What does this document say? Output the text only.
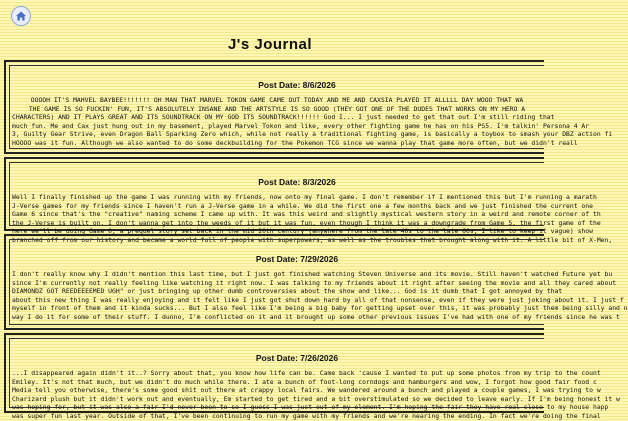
J's Journal
Post Date: 8/6/2026
OOOOH IT'S MAHVEL BAYBEE!!!!!!! OH MAN THAT MARVEL TOKON GAME CAME OUT TODAY AND ME AND CAXSIA PLAYED IT ALLLLL DAY WOOO THAT WA
THE GAME IS SO FUCKIN' FUN, IT'S ABSOLUTELY INSANE AND THE ARTSTYLE IS SO GOOD (THEY GOT ONE OF THE DUDES THAT WORKS ON MY HERO A
CHARACTERS) AND IT PLAYS GREAT AND ITS SOUNDTRACK ON MY GOD ITS SOUNDTRACK!!!!!! God I... I just needed to get that out I'm still riding that
much fun. Me and Cax just hung out in my basement, played Marvel Tokon and like, every other fighting game he has on his PS5. I'm talkin' Persona 4 Ar
3, Guilty Gear Strive, even Dragon Ball Sparking Zero which, while not really a traditional fighting game, is basically a toybox to smash your DBZ action fi
HOOOO was it fun. Although we also wanted to do some deckbuilding for the Pokemon TCG since we wanna play that game more often, but we didn't reall
Post Date: 8/3/2026
Well I finally finished up the game I was running with my friends, now onto my final game. I don't remember if I mentioned this but I'm running a marath
J-Verse games for my friends since I haven't run a J-Verse game in a while. We did the first one a few months back and we just finished the current one
Game 6 since that's the "creative" naming scheme I came up with. It was this weird and slightly mystical western story in a weird and remote corner of th
the J-Verse is built on. I don't wanna get into the weeds of it but it was fun, even though I think it was a downgrade from Game 5, the first game of the
here we'll be doing Game 0, a prequel story set back in the mid 20th century (anywhere from the late 40s to the late 60s, I like to keep it vague) show
branched off from our history and became a world full of people with superpowers, as well as the troubles that brought along with it. A little bit of X-Men,
Post Date: 7/29/2026
I don't really know why I didn't mention this last time, but I just got finished watching Steven Universe and its movie. Still haven't watched Future yet bu
since I'm currently not really feeling like watching it right now. I was talking to my friends about it right after seeing the movie and all they cared about
DIAMONDZ GOT REEDEEEEMED UGH" or just bringing up other dumb controversies about the show and like... God is it dumb that I got annoyed by that
about this new thing I was really enjoying and it felt like I just got shut down hard by all of that nonsense, even if they were just joking about it. I just f
myself in front of them and it kinda sucks... But I also feel like I'm being a big baby for getting upset over this, it was probably just them being silly and n
way I do it for some of their stuff. I dunno, I'm conflicted on it and it brought up some other previous issues I've had with one of my friends since he was t
Post Date: 7/26/2026
...I disappeared again didn't it..? Sorry about that, you know how life can be. Came back 'cause I wanted to put up some photos from my trip to the count
Emiley. It's not that much, but we didn't do much while there. I ate a bunch of foot-long corndogs and hamburgers and wow, I forgot how good fair food c
Media tell you otherwise, there's some good shit out there at crappy local fairs. We wandered around a bunch and played a couple games, I was trying to w
Charizard plush but it didn't work out and eventually, Em started to get tired and a bit overstimulated so we decided to leave early. If I'm being honest it w
was hoping for, but it was also a fair I'd never been to so I guess I was just out of my element. I'm hoping the fair they have real close to my house happ
was super fun last year. Outside of that, I've been continuing to run my game with my friends and we're nearing the ending. In fact we're doing the final
